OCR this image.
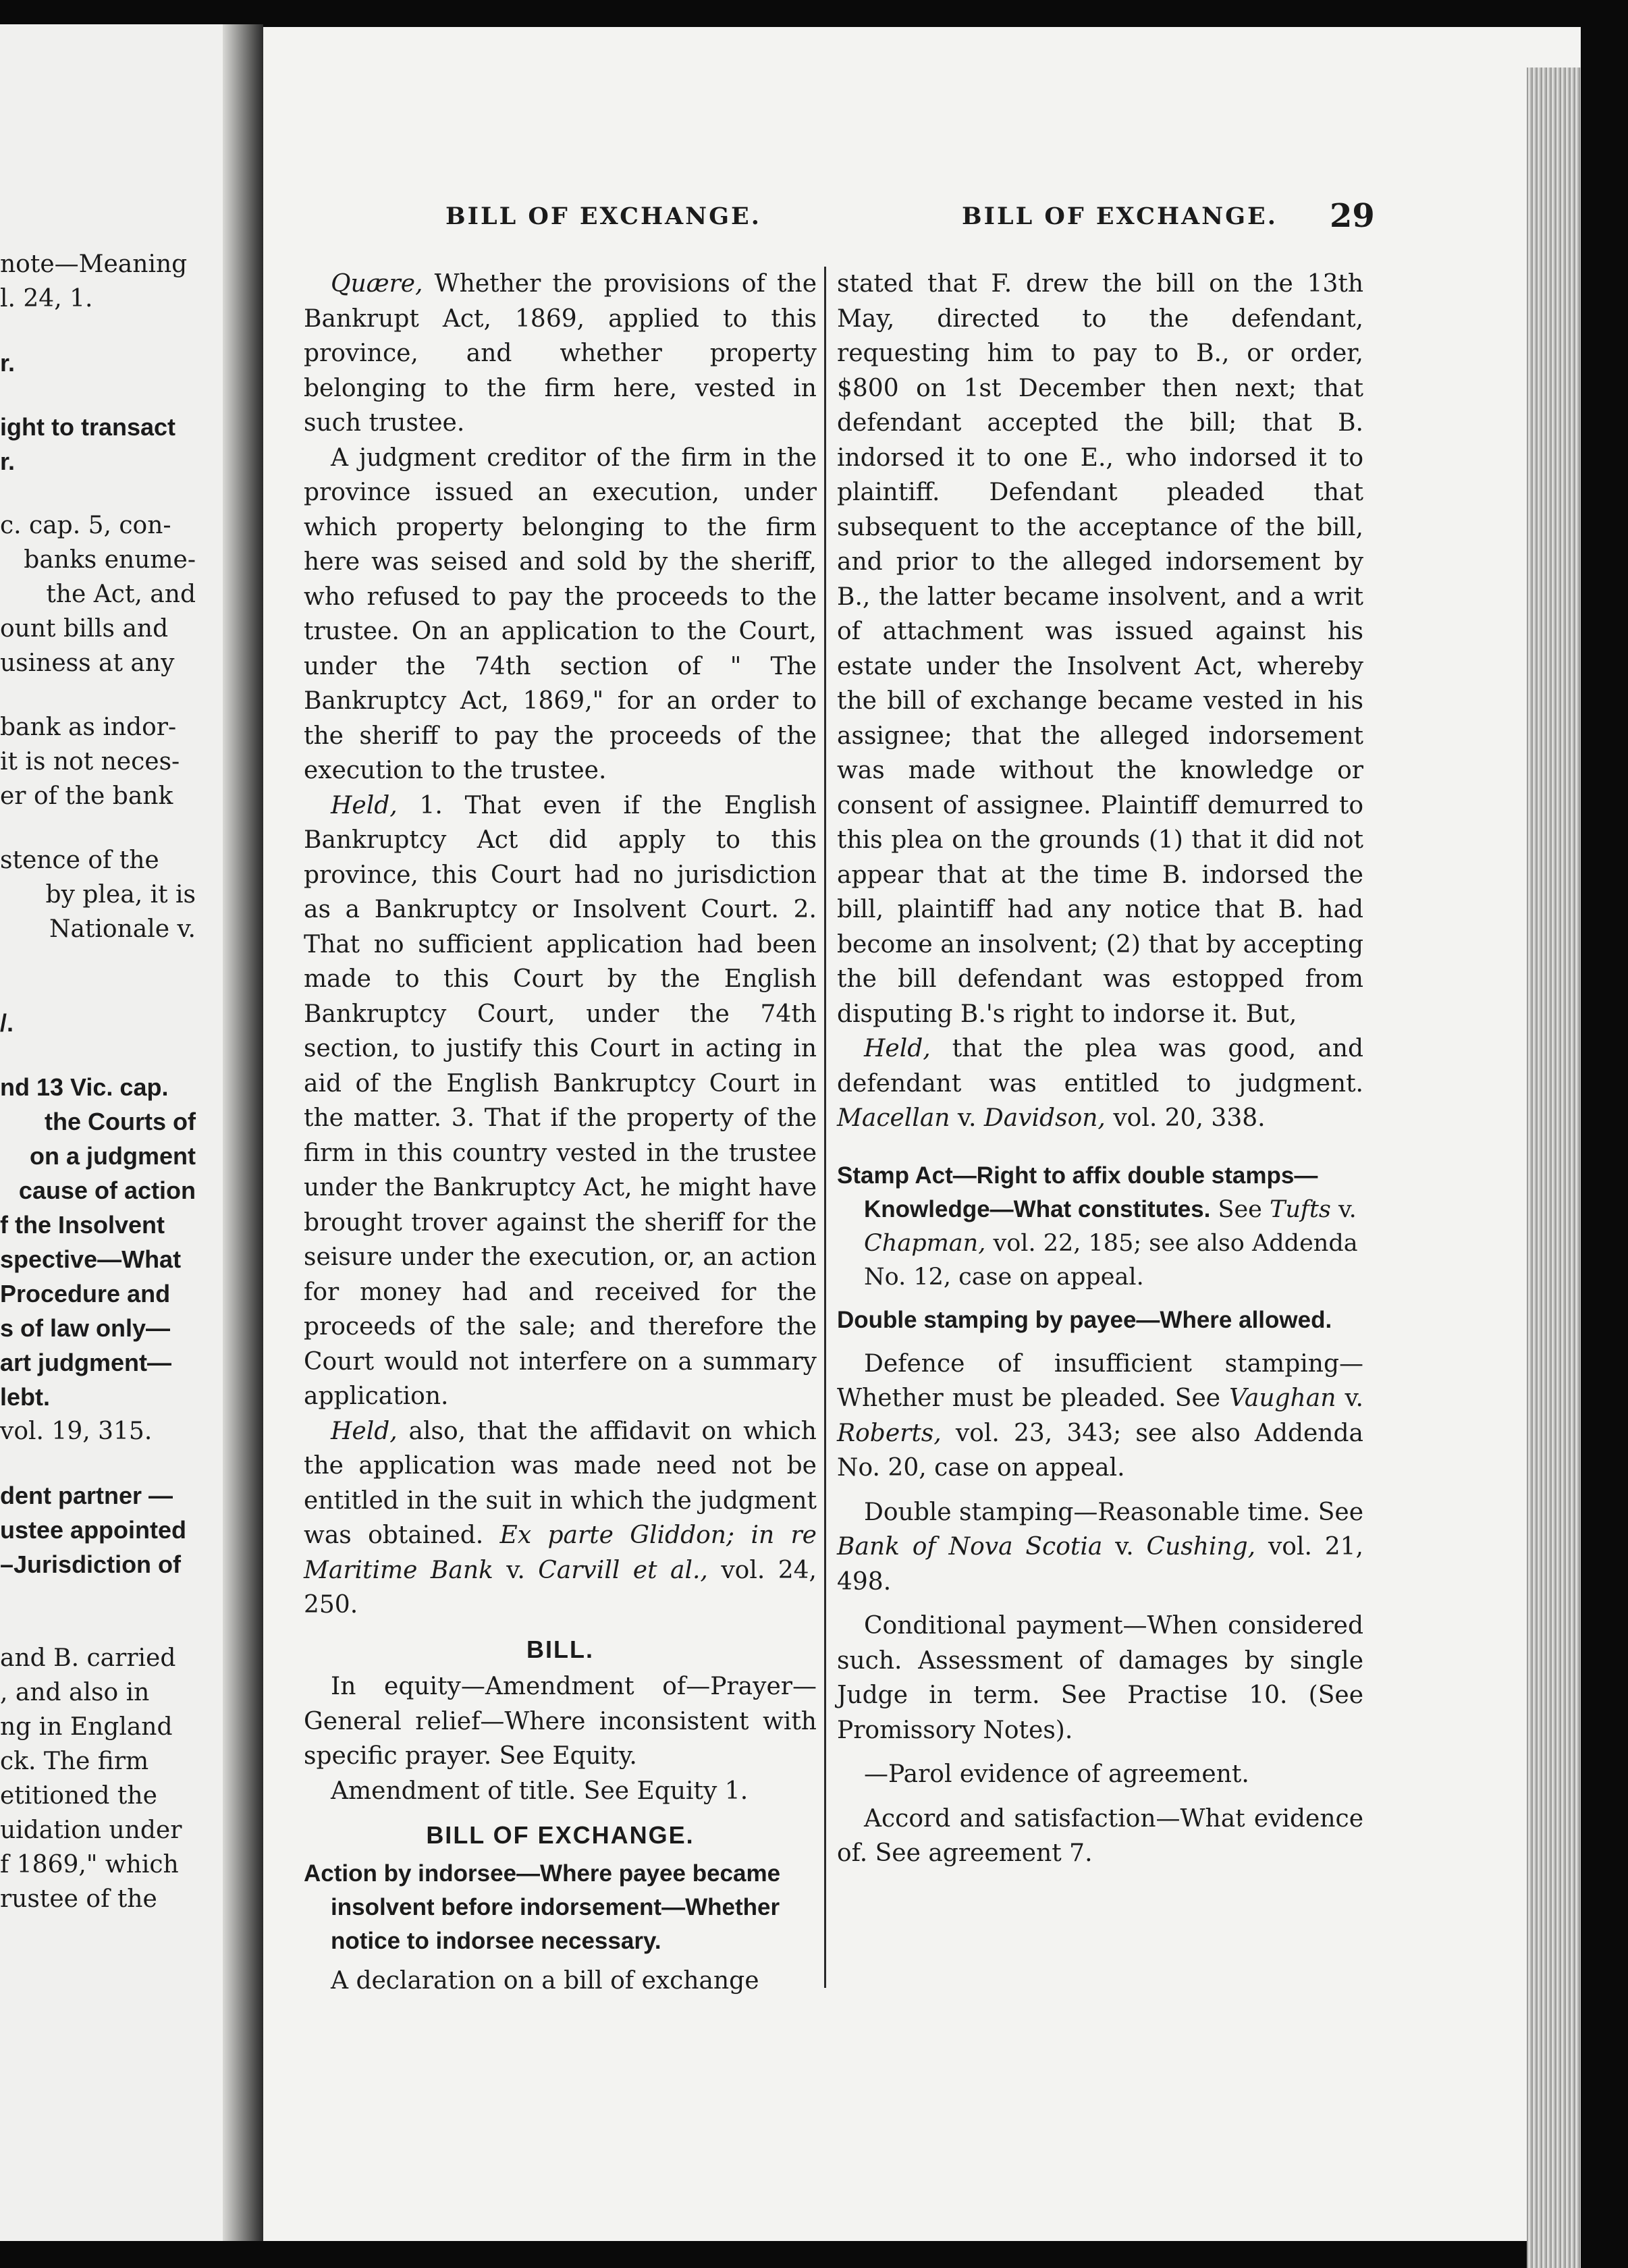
note—Meaning
l. 24, 1.
r.
ight to transact
r.
c. cap. 5, con-
banks enume-
the Act, and
ount bills and
usiness at any
bank as indor-
it is not neces-
er of the bank
stence of the
by plea, it is
Nationale v.
/.
nd 13 Vic. cap.
the Courts of
on a judgment
cause of action
f the Insolvent
spective—What
Procedure and
s of law only—
art judgment—
lebt.
vol. 19, 315.
dent partner —
ustee appointed
–Jurisdiction of
and B. carried
, and also in
ng in England
ck. The firm
etitioned the
uidation under
f 1869," which
rustee of the
BILL OF EXCHANGE.	BILL OF EXCHANGE. 29

Quære, Whether the provisions of the Bankrupt Act, 1869, applied to this province, and whether property belonging to the firm here, vested in such trustee.

A judgment creditor of the firm in the province issued an execution, under which property belonging to the firm here was seised and sold by the sheriff, who refused to pay the proceeds to the trustee. On an application to the Court, under the 74th section of " The Bankruptcy Act, 1869," for an order to the sheriff to pay the proceeds of the execution to the trustee.

Held, 1. That even if the English Bankruptcy Act did apply to this province, this Court had no jurisdiction as a Bankruptcy or Insolvent Court. 2. That no sufficient application had been made to this Court by the English Bankruptcy Court, under the 74th section, to justify this Court in acting in aid of the English Bankruptcy Court in the matter. 3. That if the property of the firm in this country vested in the trustee under the Bankruptcy Act, he might have brought trover against the sheriff for the seisure under the execution, or, an action for money had and received for the proceeds of the sale; and therefore the Court would not interfere on a summary application.

Held, also, that the affidavit on which the application was made need not be entitled in the suit in which the judgment was obtained. Ex parte Gliddon; in re Maritime Bank v. Carvill et al., vol. 24, 250.

BILL.

In equity—Amendment of—Prayer—General relief—Where inconsistent with specific prayer. See Equity.

Amendment of title. See Equity 1.

BILL OF EXCHANGE.
Action by indorsee—Where payee became insolvent before indorsement—Whether notice to indorsee necessary.

A declaration on a bill of exchange

stated that F. drew the bill on the 13th May, directed to the defendant, requesting him to pay to B., or order, $800 on 1st December then next; that defendant accepted the bill; that B. indorsed it to one E., who indorsed it to plaintiff. Defendant pleaded that subsequent to the acceptance of the bill, and prior to the alleged indorsement by B., the latter became insolvent, and a writ of attachment was issued against his estate under the Insolvent Act, whereby the bill of exchange became vested in his assignee; that the alleged indorsement was made without the knowledge or consent of assignee. Plaintiff demurred to this plea on the grounds (1) that it did not appear that at the time B. indorsed the bill, plaintiff had any notice that B. had become an insolvent; (2) that by accepting the bill defendant was estopped from disputing B.'s right to indorse it. But,

Held, that the plea was good, and defendant was entitled to judgment. Macellan v. Davidson, vol. 20, 338.

Stamp Act—Right to affix double stamps—Knowledge—What constitutes. See Tufts v. Chapman, vol. 22, 185; see also Addenda No. 12, case on appeal.
Double stamping by payee—Where allowed.

Defence of insufficient stamping—Whether must be pleaded. See Vaughan v. Roberts, vol. 23, 343; see also Addenda No. 20, case on appeal.

Double stamping—Reasonable time. See Bank of Nova Scotia v. Cushing, vol. 21, 498.

Conditional payment—When considered such. Assessment of damages by single Judge in term. See Practise 10. (See Promissory Notes).

—Parol evidence of agreement.

Accord and satisfaction—What evidence of. See agreement 7.
